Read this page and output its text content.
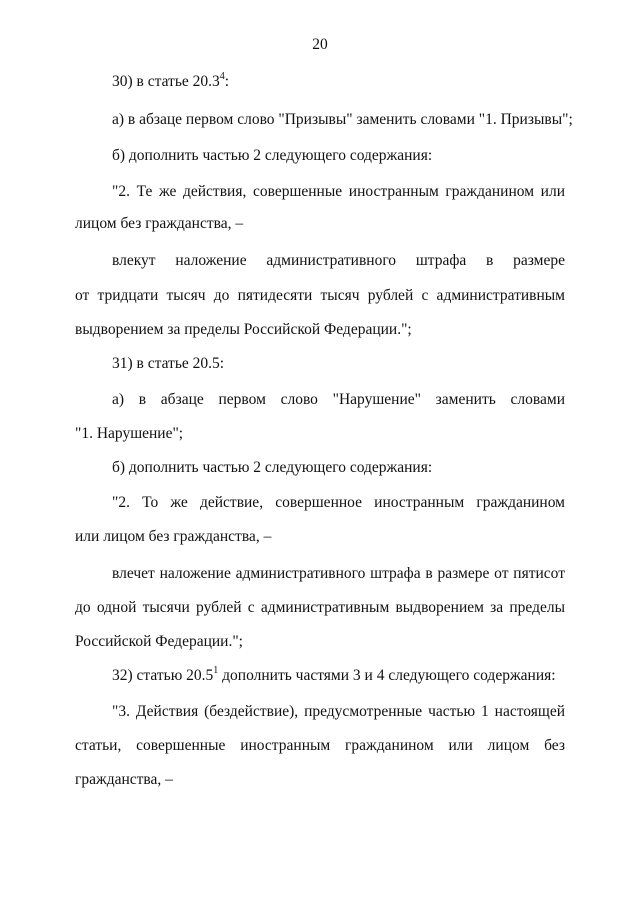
20
30) в статье 20.3$^4$:
а) в абзаце первом слово "Призывы" заменить словами "1. Призывы";
б) дополнить частью 2 следующего содержания:
"2. Те же действия, совершенные иностранным гражданином или
лицом без гражданства, –
влекут наложение административного штрафа в размере
от тридцати тысяч до пятидесяти тысяч рублей с административным
выдворением за пределы Российской Федерации.";
31) в статье 20.5:
а) в абзаце первом слово "Нарушение" заменить словами
"1. Нарушение";
б) дополнить частью 2 следующего содержания:
"2. То же действие, совершенное иностранным гражданином
или лицом без гражданства, –
влечет наложение административного штрафа в размере от пятисот
до одной тысячи рублей с административным выдворением за пределы
Российской Федерации.";
32) статью 20.5$^1$ дополнить частями 3 и 4 следующего содержания:
"3. Действия (бездействие), предусмотренные частью 1 настоящей
статьи, совершенные иностранным гражданином или лицом без
гражданства, –
